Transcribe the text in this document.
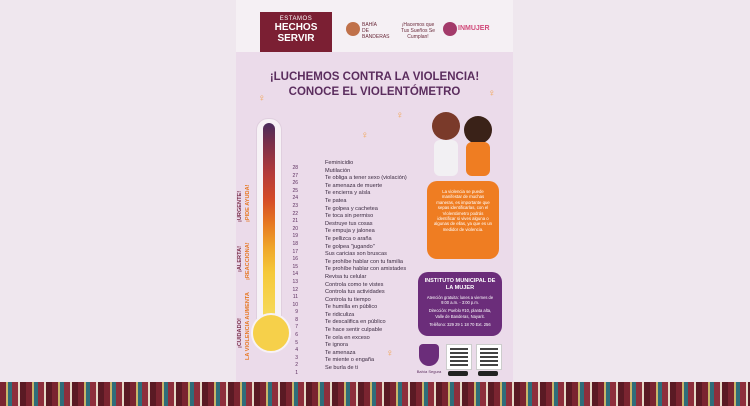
ESTAMOS
HECHOS
SERVIR
BAHÍA DE BANDERAS
¡Hacemos que Tus Sueños Se Cumplan!
INMUJER
¡LUCHEMOS CONTRA LA VIOLENCIA!
CONOCE EL VIOLENTÓMETRO
♀	♀
♀
♀
♀
28
27
26
25
24
23
22
21
20
19
18
17
16
15
14
13
12
11
10
9
8
7
6
5
4
3
2
1
¡URGENTE! ¡PIDE AYUDA!
¡ALERTA! ¡REACCIONA!
¡CUIDADO! LA VIOLENCIA AUMENTA
Feminicidio
Mutilación
Te obliga a tener sexo (violación)
Te amenaza de muerte
Te encierra y aísla
Te patea
Te golpea y cachetea
Te toca sin permiso
Destruye tus cosas
Te empuja y jalonea
Te pellizca o araña
Te golpea "jugando"
Sus caricias son bruscas
Te prohíbe hablar con tu familia
Te prohíbe hablar con amistades
Revisa tu celular
Controla como te vistes
Controla tus actividades
Controla tu tiempo
Te humilla en público
Te ridiculiza
Te descalifica en público
Te hace sentir culpable
Te cela en exceso
Te ignora
Te amenaza
Te miente o engaña
Se burla de ti
La violencia se puede manifestar de muchas maneras, es importante que sepas identificarlas, con el Violentómetro podrás identificar si vives alguna o algunas de ellas, ya que es un medidor de violencia.
INSTITUTO MUNICIPAL DE LA MUJER
Atención gratuita: lunes a viernes de 9:00 a.m. - 3:00 p.m.
Dirección: Pueblo #10, planta alta, Valle de Banderas, Nayarit.
Teléfono: 329 29 1 18 70 Ext. 256
Bahía Segura
